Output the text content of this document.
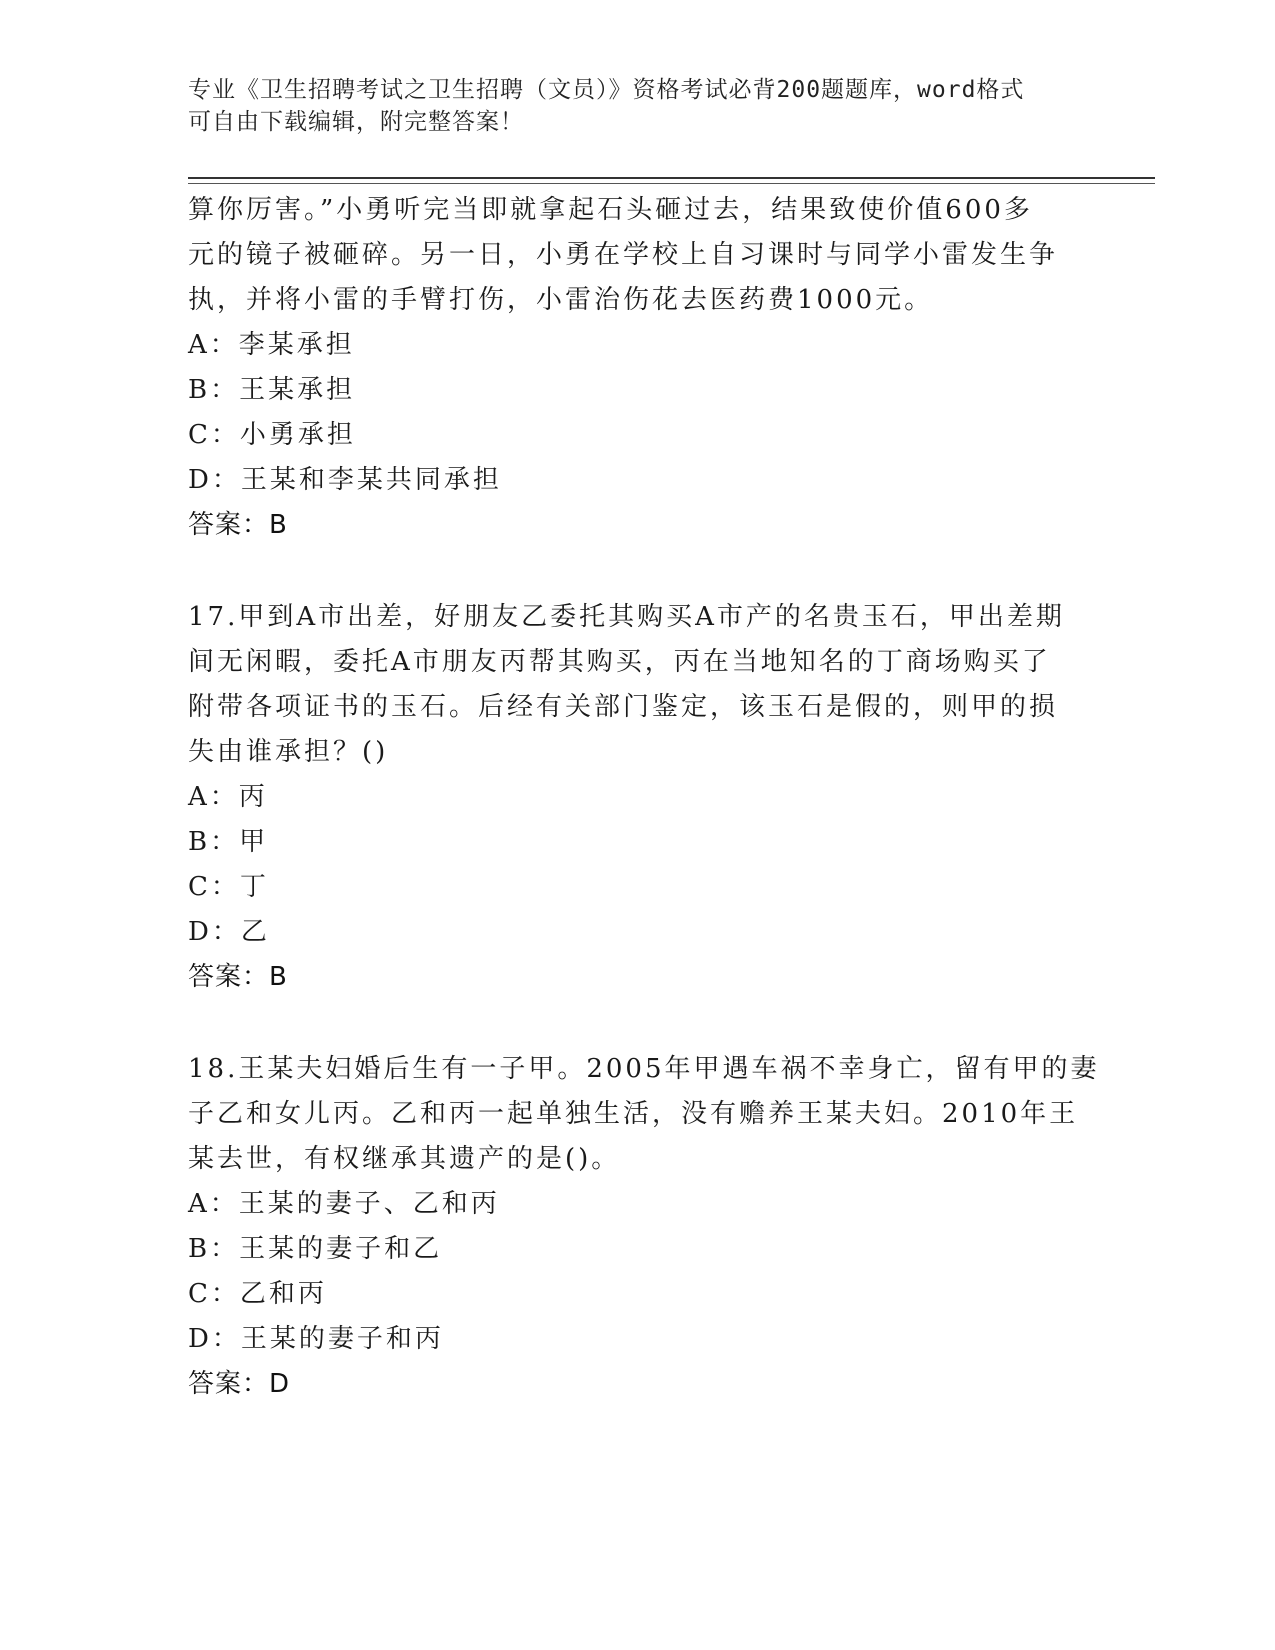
专业《卫生招聘考试之卫生招聘（文员）》资格考试必背200题题库，word格式
可自由下载编辑，附完整答案！
算你厉害。”小勇听完当即就拿起石头砸过去，结果致使价值600多
元的镜子被砸碎。另一日，小勇在学校上自习课时与同学小雷发生争
执，并将小雷的手臂打伤，小雷治伤花去医药费1000元。
A：李某承担
B：王某承担
C：小勇承担
D：王某和李某共同承担
答案：B
17.甲到A市出差，好朋友乙委托其购买A市产的名贵玉石，甲出差期
间无闲暇，委托A市朋友丙帮其购买，丙在当地知名的丁商场购买了
附带各项证书的玉石。后经有关部门鉴定，该玉石是假的，则甲的损
失由谁承担？()
A：丙
B：甲
C：丁
D：乙
答案：B
18.王某夫妇婚后生有一子甲。2005年甲遇车祸不幸身亡，留有甲的妻
子乙和女儿丙。乙和丙一起单独生活，没有赡养王某夫妇。2010年王
某去世，有权继承其遗产的是()。
A：王某的妻子、乙和丙
B：王某的妻子和乙
C：乙和丙
D：王某的妻子和丙
答案：D
